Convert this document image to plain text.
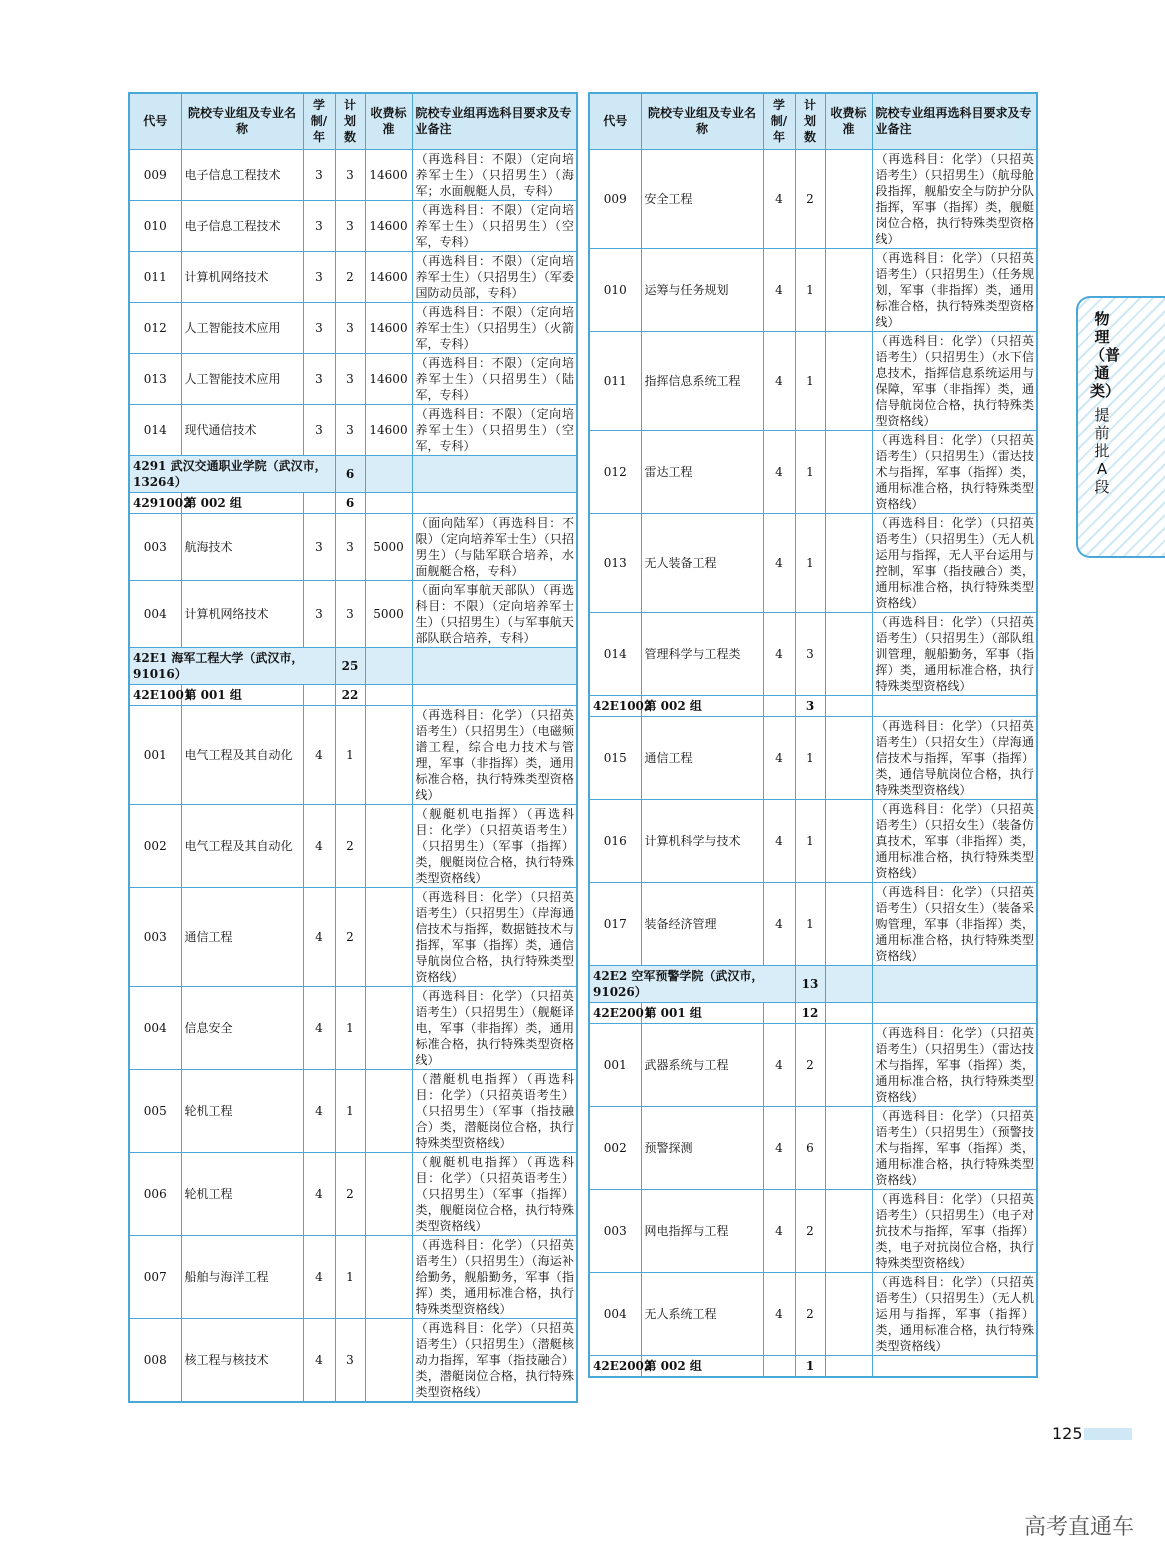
代号	院校专业组及专业名称	学制/年	计划数	收费标准	院校专业组再选科目要求及专业备注
009	电子信息工程技术	3	3	14600	（再选科目：不限）（定向培养军士生）（只招男生）（海军；水面舰艇人员，专科）
010	电子信息工程技术	3	3	14600	（再选科目：不限）（定向培养军士生）（只招男生）（空军，专科）
011	计算机网络技术	3	2	14600	（再选科目：不限）（定向培养军士生）（只招男生）（军委国防动员部，专科）
012	人工智能技术应用	3	3	14600	（再选科目：不限）（定向培养军士生）（只招男生）（火箭军，专科）
013	人工智能技术应用	3	3	14600	（再选科目：不限）（定向培养军士生）（只招男生）（陆军，专科）
014	现代通信技术	3	3	14600	（再选科目：不限）（定向培养军士生）（只招男生）（空军，专科）
4291 武汉交通职业学院（武汉市，13264）			6		
4291002	第 002 组		6		
003	航海技术	3	3	5000	（面向陆军）（再选科目：不限）（定向培养军士生）（只招男生）（与陆军联合培养，水面舰艇合格，专科）
004	计算机网络技术	3	3	5000	（面向军事航天部队）（再选科目：不限）（定向培养军士生）（只招男生）（与军事航天部队联合培养，专科）
42E1 海军工程大学（武汉市，91016）			25		
42E1001	第 001 组		22		
001	电气工程及其自动化	4	1		（再选科目：化学）（只招英语考生）（只招男生）（电磁频谱工程，综合电力技术与管理，军事（非指挥）类，通用标准合格，执行特殊类型资格线）
002	电气工程及其自动化	4	2		（舰艇机电指挥）（再选科目：化学）（只招英语考生）（只招男生）（军事（指挥）类，舰艇岗位合格，执行特殊类型资格线）
003	通信工程	4	2		（再选科目：化学）（只招英语考生）（只招男生）（岸海通信技术与指挥，数据链技术与指挥，军事（指挥）类，通信导航岗位合格，执行特殊类型资格线）
004	信息安全	4	1		（再选科目：化学）（只招英语考生）（只招男生）（舰艇译电，军事（非指挥）类，通用标准合格，执行特殊类型资格线）
005	轮机工程	4	1		（潜艇机电指挥）（再选科目：化学）（只招英语考生）（只招男生）（军事（指技融合）类，潜艇岗位合格，执行特殊类型资格线）
006	轮机工程	4	2		（舰艇机电指挥）（再选科目：化学）（只招英语考生）（只招男生）（军事（指挥）类，舰艇岗位合格，执行特殊类型资格线）
007	船舶与海洋工程	4	1		（再选科目：化学）（只招英语考生）（只招男生）（海运补给勤务，舰船勤务，军事（指挥）类，通用标准合格，执行特殊类型资格线）
008	核工程与核技术	4	3		（再选科目：化学）（只招英语考生）（只招男生）（潜艇核动力指挥，军事（指技融合）类，潜艇岗位合格，执行特殊类型资格线）
代号	院校专业组及专业名称	学制/年	计划数	收费标准	院校专业组再选科目要求及专业备注
009	安全工程	4	2		（再选科目：化学）（只招英语考生）（只招男生）（航母舱段指挥，舰船安全与防护分队指挥，军事（指挥）类，舰艇岗位合格，执行特殊类型资格线）
010	运筹与任务规划	4	1		（再选科目：化学）（只招英语考生）（只招男生）（任务规划，军事（非指挥）类，通用标准合格，执行特殊类型资格线）
011	指挥信息系统工程	4	1		（再选科目：化学）（只招英语考生）（只招男生）（水下信息技术，指挥信息系统运用与保障，军事（非指挥）类，通信导航岗位合格，执行特殊类型资格线）
012	雷达工程	4	1		（再选科目：化学）（只招英语考生）（只招男生）（雷达技术与指挥，军事（指挥）类，通用标准合格，执行特殊类型资格线）
013	无人装备工程	4	1		（再选科目：化学）（只招英语考生）（只招男生）（无人机运用与指挥，无人平台运用与控制，军事（指技融合）类，通用标准合格，执行特殊类型资格线）
014	管理科学与工程类	4	3		（再选科目：化学）（只招英语考生）（只招男生）（部队组训管理，舰船勤务，军事（指挥）类，通用标准合格，执行特殊类型资格线）
42E1002	第 002 组		3		
015	通信工程	4	1		（再选科目：化学）（只招英语考生）（只招女生）（岸海通信技术与指挥，军事（指挥）类，通信导航岗位合格，执行特殊类型资格线）
016	计算机科学与技术	4	1		（再选科目：化学）（只招英语考生）（只招女生）（装备仿真技术，军事（非指挥）类，通用标准合格，执行特殊类型资格线）
017	装备经济管理	4	1		（再选科目：化学）（只招英语考生）（只招女生）（装备采购管理，军事（非指挥）类，通用标准合格，执行特殊类型资格线）
42E2 空军预警学院（武汉市，91026）			13		
42E2001	第 001 组		12		
001	武器系统与工程	4	2		（再选科目：化学）（只招英语考生）（只招男生）（雷达技术与指挥，军事（指挥）类，通用标准合格，执行特殊类型资格线）
002	预警探测	4	6		（再选科目：化学）（只招英语考生）（只招男生）（预警技术与指挥，军事（指挥）类，通用标准合格，执行特殊类型资格线）
003	网电指挥与工程	4	2		（再选科目：化学）（只招英语考生）（只招男生）（电子对抗技术与指挥，军事（指挥）类，电子对抗岗位合格，执行特殊类型资格线）
004	无人系统工程	4	2		（再选科目：化学）（只招英语考生）（只招男生）（无人机运用与指挥，军事（指挥）类，通用标准合格，执行特殊类型资格线）
42E2002	第 002 组		1		
物理（普通类）
提前批A段
125
高考直通车
